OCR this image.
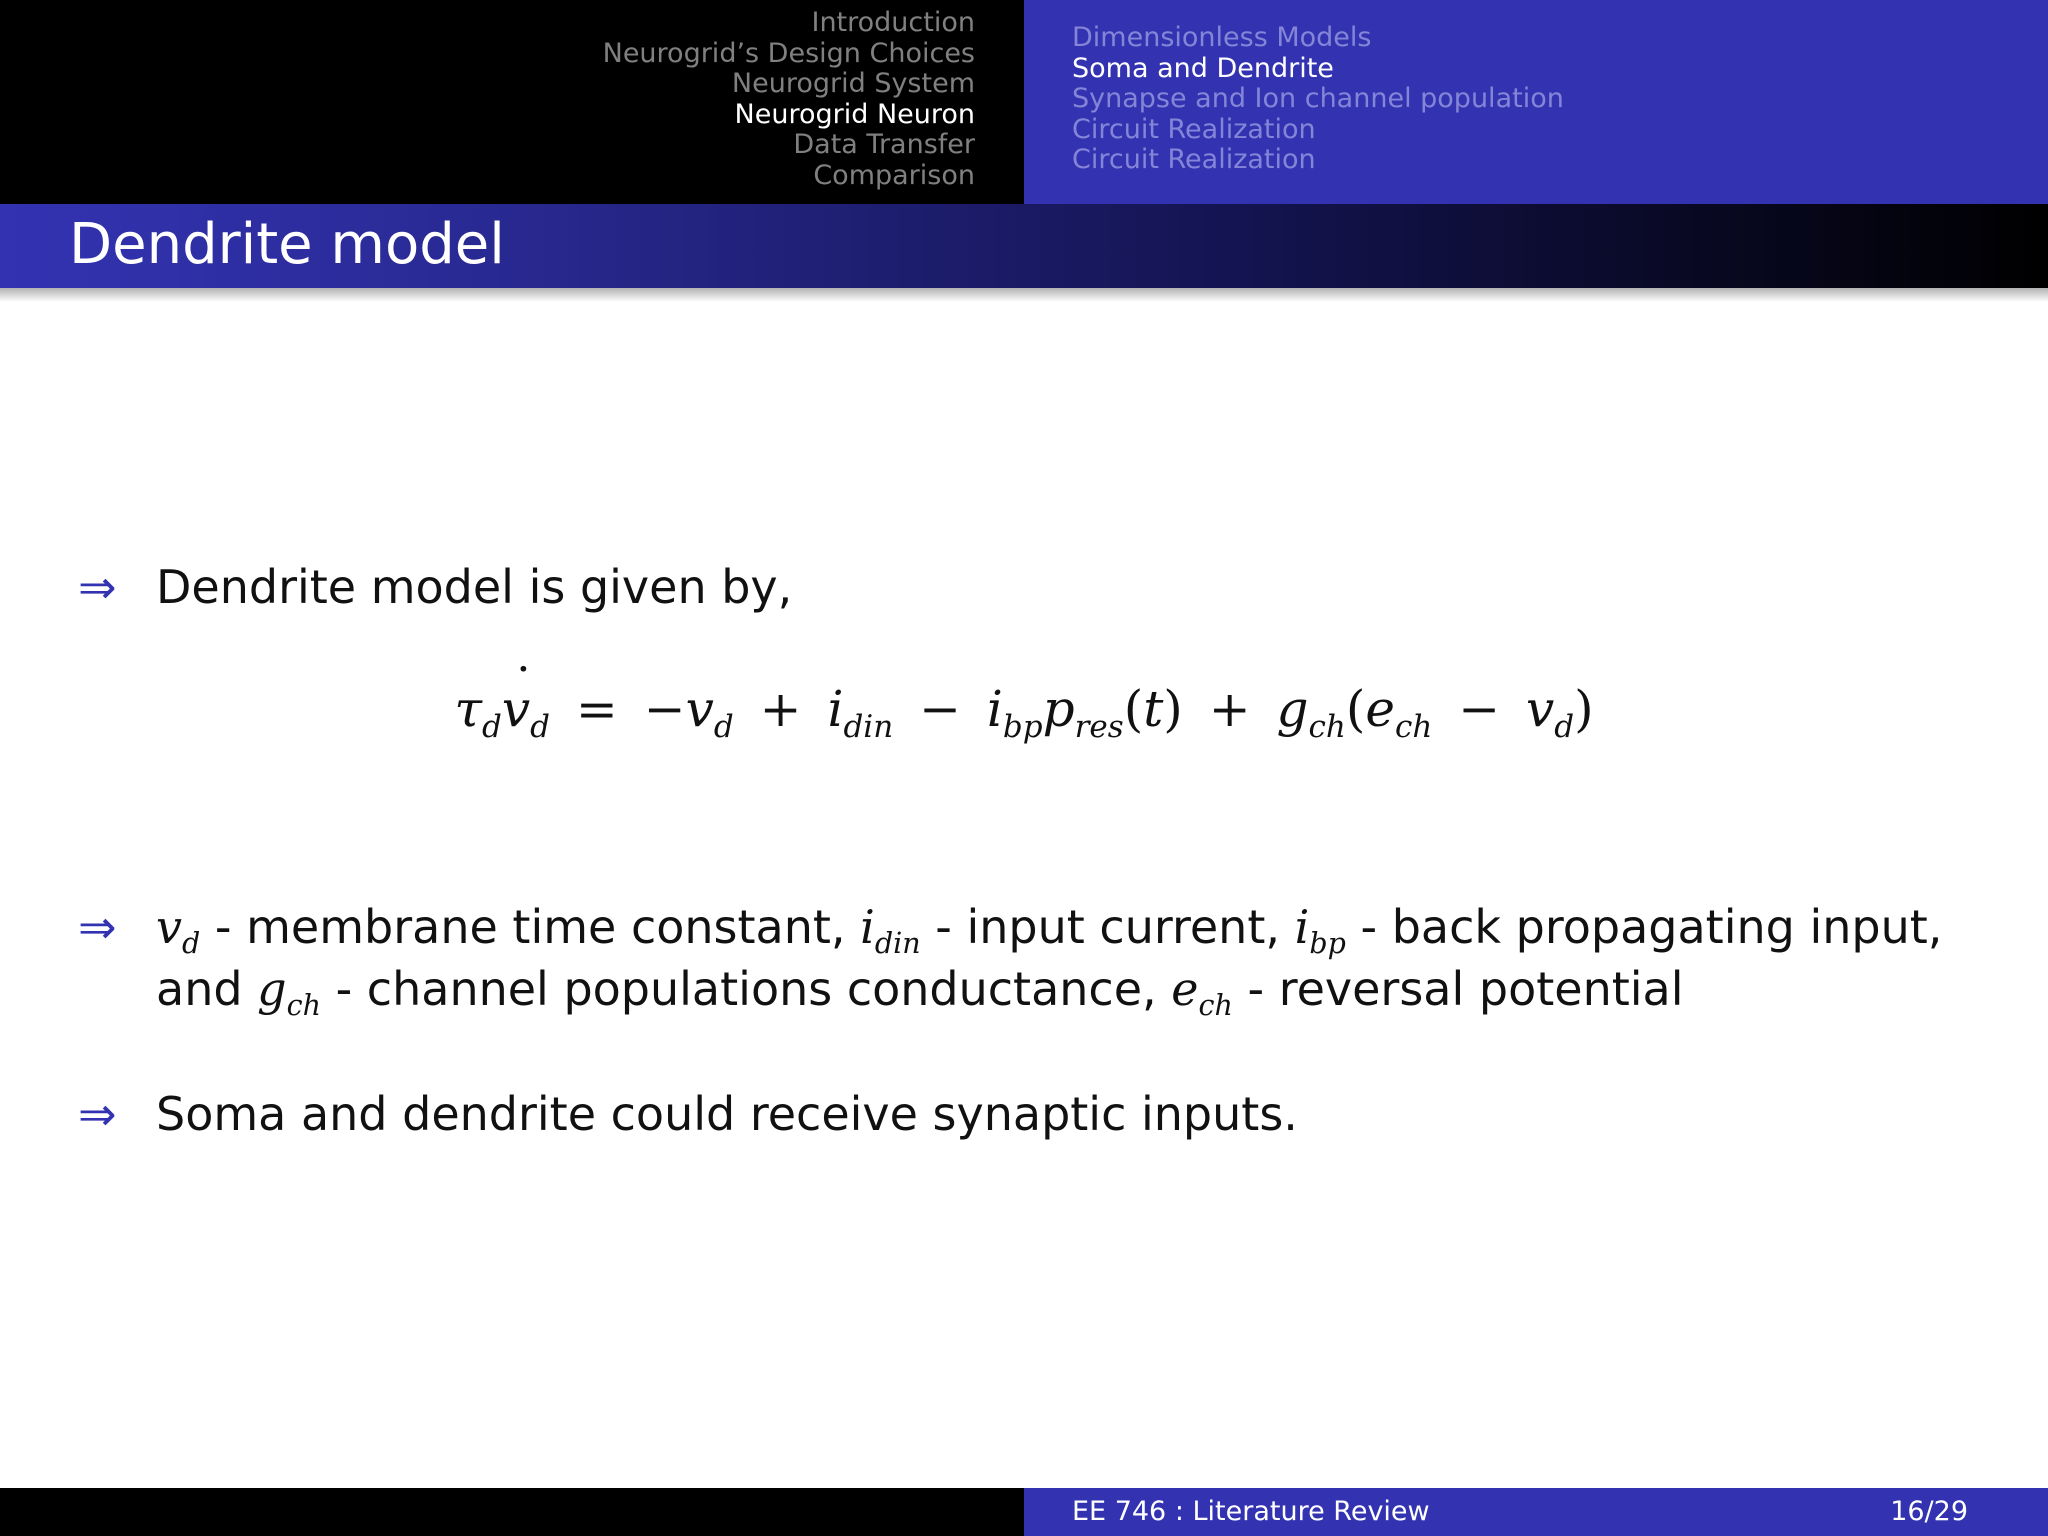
Introduction
Neurogrid’s Design Choices
Neurogrid System
Neurogrid Neuron
Data Transfer
Comparison
Dimensionless Models
Soma and Dendrite
Synapse and Ion channel population
Circuit Realization
Circuit Realization
Dendrite model
⇒ Dendrite model is given by,
$\tau_d˙$ $v_d = -v_d + i_{din} - i_{bp}p_{res}(t) + g_{ch}(e_{ch} - v_d)$
⇒ $v_d$ - membrane time constant, $i_{din}$ - input current, $i_{bp}$ - back propagating input, and $g_{ch}$ - channel populations conductance, $e_{ch}$ - reversal potential
⇒ Soma and dendrite could receive synaptic inputs.
EE 746 : Literature Review	16/29
